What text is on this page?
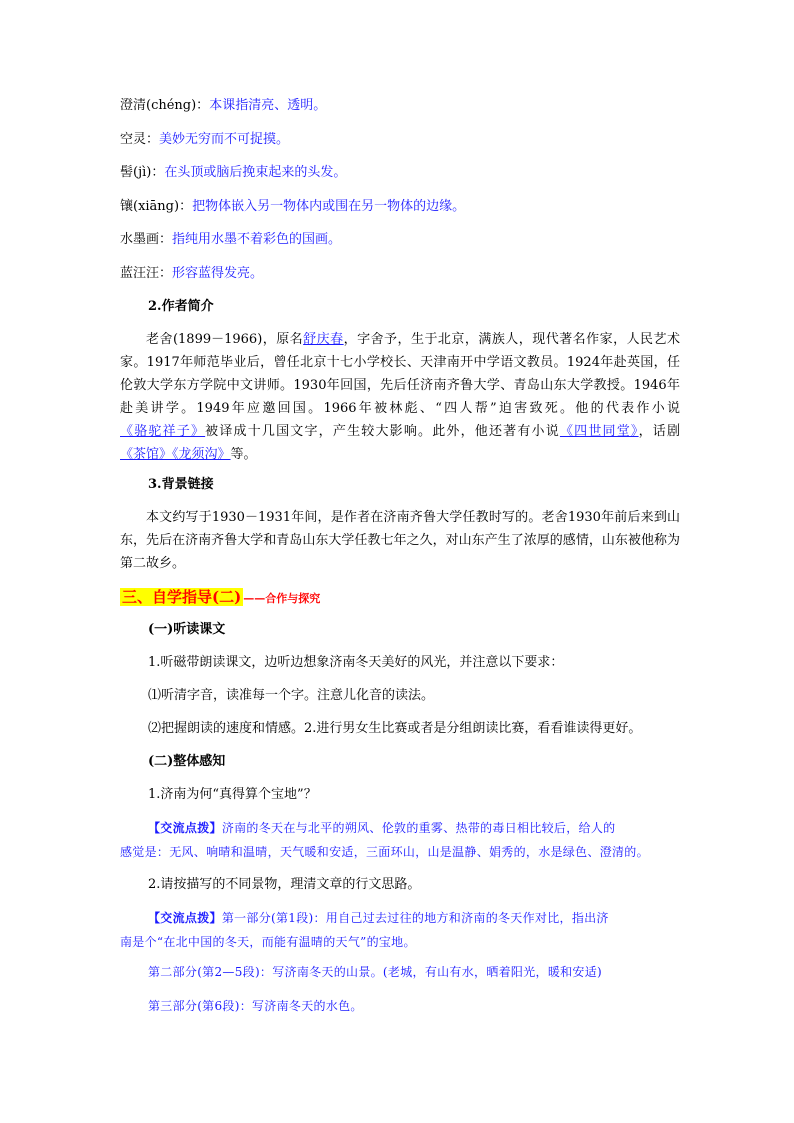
澄清(chéng)：本课指清亮、透明。
空灵：美妙无穷而不可捉摸。
髻(jì)：在头顶或脑后挽束起来的头发。
镶(xiāng)：把物体嵌入另一物体内或围在另一物体的边缘。
水墨画：指纯用水墨不着彩色的国画。
蓝汪汪：形容蓝得发亮。
2.作者简介
老舍(1899－1966)，原名舒庆春，字舍予，生于北京，满族人，现代著名作家，人民艺术家。1917年师范毕业后，曾任北京十七小学校长、天津南开中学语文教员。1924年赴英国，任伦敦大学东方学院中文讲师。1930年回国，先后任济南齐鲁大学、青岛山东大学教授。1946年赴美讲学。1949年应邀回国。1966年被林彪、“四人帮”迫害致死。他的代表作小说《骆驼祥子》被译成十几国文字，产生较大影响。此外，他还著有小说《四世同堂》，话剧《茶馆》《龙须沟》等。
3.背景链接
本文约写于1930－1931年间，是作者在济南齐鲁大学任教时写的。老舍1930年前后来到山东，先后在济南齐鲁大学和青岛山东大学任教七年之久，对山东产生了浓厚的感情，山东被他称为第二故乡。
三、自学指导(二) ——合作与探究
(一)听读课文
1.听磁带朗读课文，边听边想象济南冬天美好的风光，并注意以下要求：
⑴听清字音，读准每一个字。注意儿化音的读法。
⑵把握朗读的速度和情感。2.进行男女生比赛或者是分组朗读比赛，看看谁读得更好。
(二)整体感知
1.济南为何“真得算个宝地”？
【交流点拨】济南的冬天在与北平的朔风、伦敦的重雾、热带的毒日相比较后，给人的
感觉是：无风、响晴和温晴，天气暖和安适，三面环山，山是温静、娟秀的，水是绿色、澄清的。
2.请按描写的不同景物，理清文章的行文思路。
【交流点拨】第一部分(第1段)：用自己过去过往的地方和济南的冬天作对比，指出济
南是个“在北中国的冬天，而能有温晴的天气”的宝地。
第二部分(第2—5段)：写济南冬天的山景。(老城，有山有水，晒着阳光，暖和安适)
第三部分(第6段)：写济南冬天的水色。
